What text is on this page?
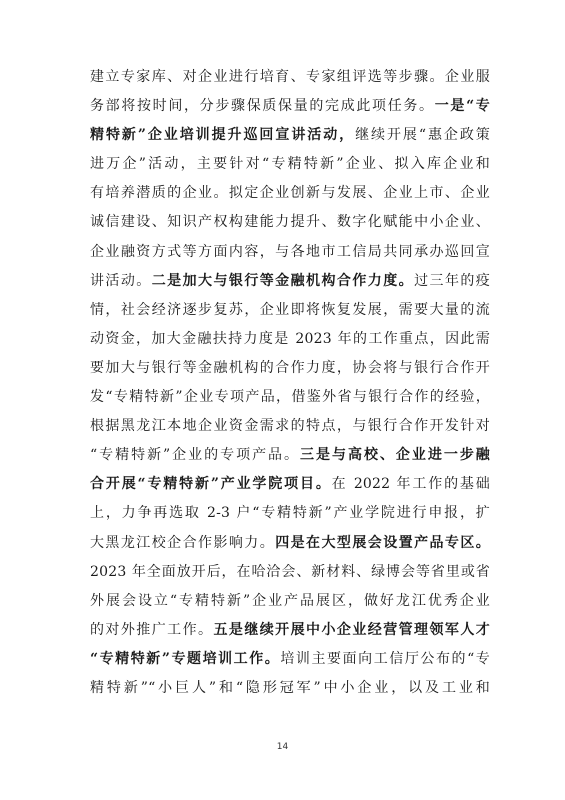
建立专家库、对企业进行培育、专家组评选等步骤。企业服
务部将按时间，分步骤保质保量的完成此项任务。一是“专
精特新”企业培训提升巡回宣讲活动，继续开展“惠企政策
进万企”活动，主要针对“专精特新”企业、拟入库企业和
有培养潜质的企业。拟定企业创新与发展、企业上市、企业
诚信建设、知识产权构建能力提升、数字化赋能中小企业、
企业融资方式等方面内容，与各地市工信局共同承办巡回宣
讲活动。二是加大与银行等金融机构合作力度。过三年的疫
情，社会经济逐步复苏，企业即将恢复发展，需要大量的流
动资金，加大金融扶持力度是 2023 年的工作重点，因此需
要加大与银行等金融机构的合作力度，协会将与银行合作开
发“专精特新”企业专项产品，借鉴外省与银行合作的经验，
根据黑龙江本地企业资金需求的特点，与银行合作开发针对
“专精特新”企业的专项产品。三是与高校、企业进一步融
合开展“专精特新”产业学院项目。在 2022 年工作的基础
上，力争再选取 2-3 户“专精特新”产业学院进行申报，扩
大黑龙江校企合作影响力。四是在大型展会设置产品专区。
2023 年全面放开后，在哈洽会、新材料、绿博会等省里或省
外展会设立“专精特新”企业产品展区，做好龙江优秀企业
的对外推广工作。五是继续开展中小企业经营管理领军人才
“专精特新”专题培训工作。培训主要面向工信厅公布的“专
精特新”“小巨人”和“隐形冠军”中小企业，以及工业和
14
